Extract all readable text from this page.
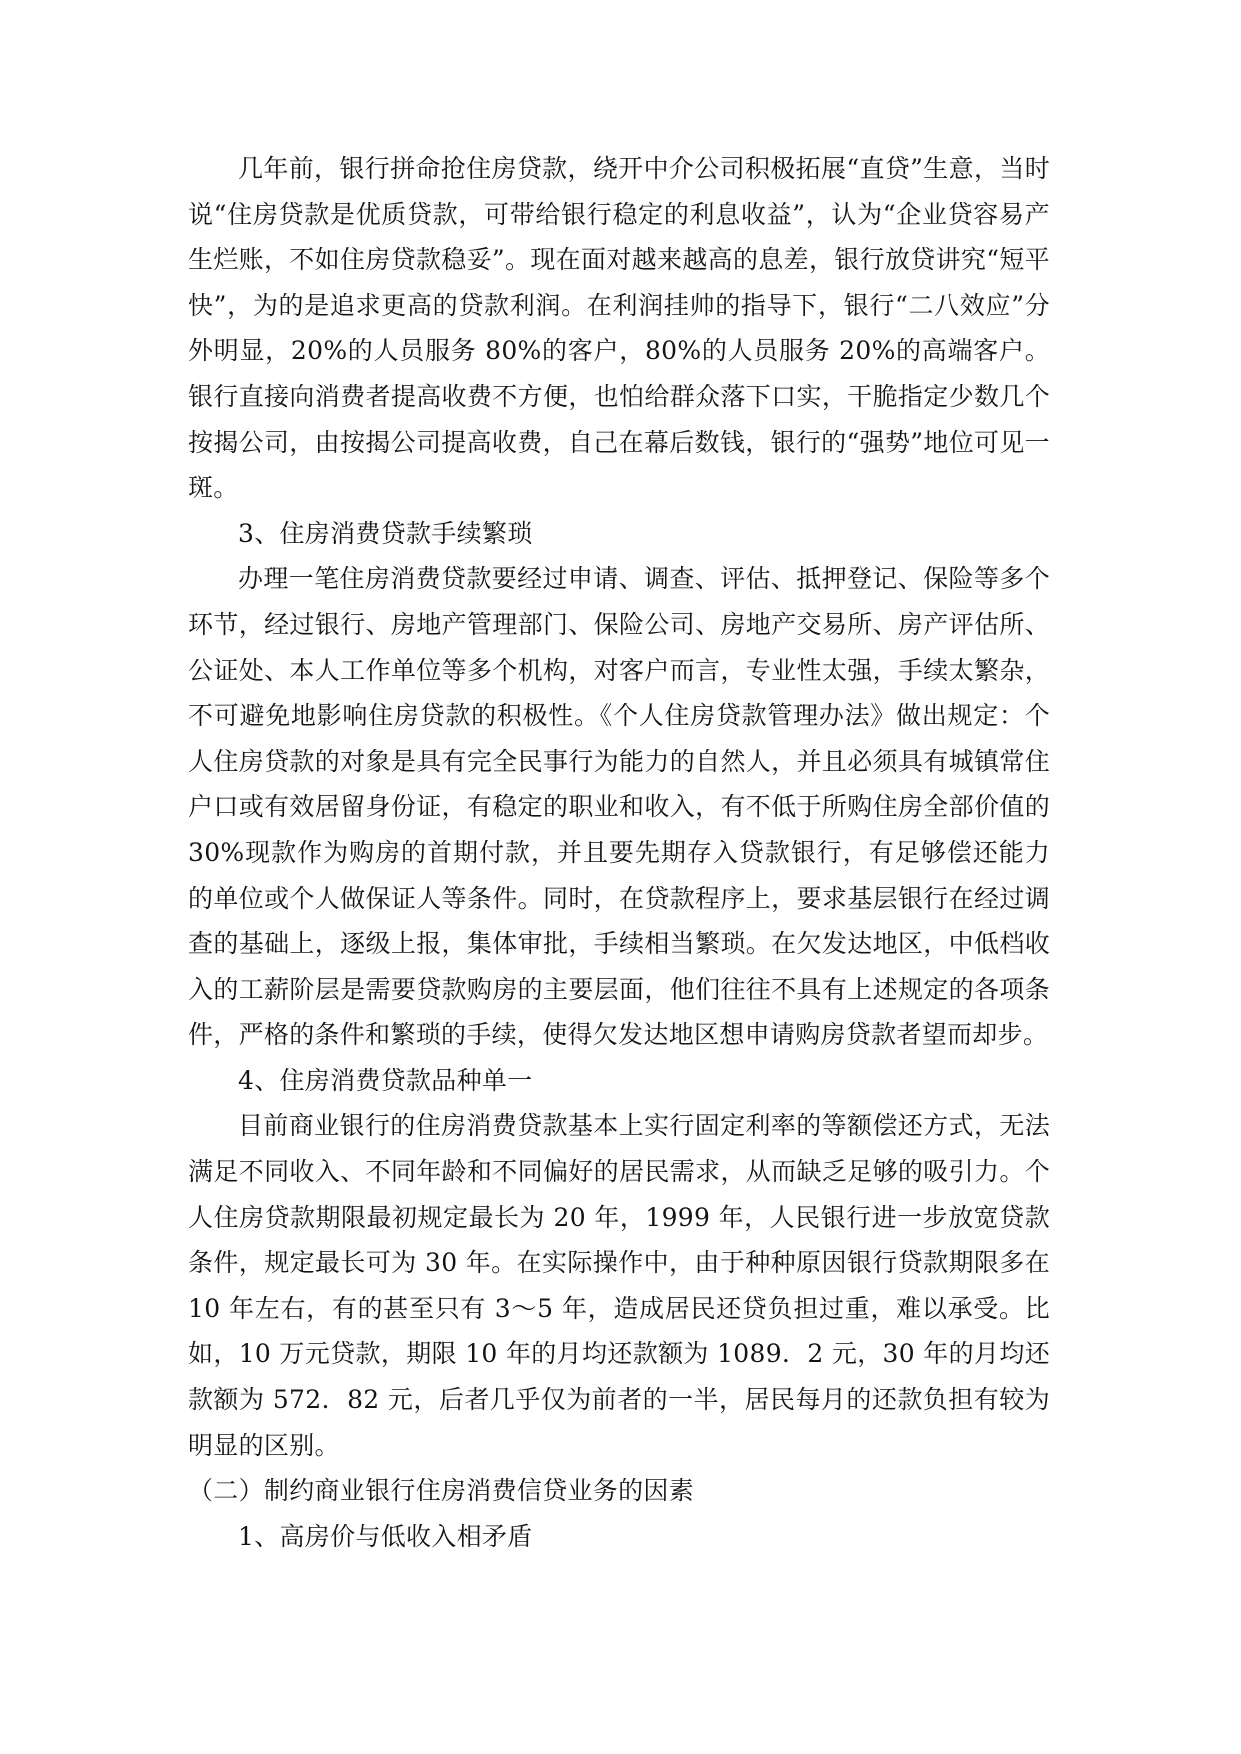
几年前，银行拼命抢住房贷款，绕开中介公司积极拓展“直贷”生意，当时说“住房贷款是优质贷款，可带给银行稳定的利息收益”，认为“企业贷容易产生烂账，不如住房贷款稳妥”。现在面对越来越高的息差，银行放贷讲究“短平快”，为的是追求更高的贷款利润。在利润挂帅的指导下，银行“二八效应”分外明显，20%的人员服务 80%的客户，80%的人员服务 20%的高端客户。银行直接向消费者提高收费不方便，也怕给群众落下口实，干脆指定少数几个按揭公司，由按揭公司提高收费，自己在幕后数钱，银行的“强势”地位可见一斑。

3、住房消费贷款手续繁琐

办理一笔住房消费贷款要经过申请、调查、评估、抵押登记、保险等多个环节，经过银行、房地产管理部门、保险公司、房地产交易所、房产评估所、公证处、本人工作单位等多个机构，对客户而言，专业性太强，手续太繁杂，不可避免地影响住房贷款的积极性。《个人住房贷款管理办法》做出规定：个人住房贷款的对象是具有完全民事行为能力的自然人，并且必须具有城镇常住户口或有效居留身份证，有稳定的职业和收入，有不低于所购住房全部价值的 30%现款作为购房的首期付款，并且要先期存入贷款银行，有足够偿还能力的单位或个人做保证人等条件。同时，在贷款程序上，要求基层银行在经过调查的基础上，逐级上报，集体审批，手续相当繁琐。在欠发达地区，中低档收入的工薪阶层是需要贷款购房的主要层面，他们往往不具有上述规定的各项条件，严格的条件和繁琐的手续，使得欠发达地区想申请购房贷款者望而却步。

4、住房消费贷款品种单一

目前商业银行的住房消费贷款基本上实行固定利率的等额偿还方式，无法满足不同收入、不同年龄和不同偏好的居民需求，从而缺乏足够的吸引力。个人住房贷款期限最初规定最长为 20 年，1999 年，人民银行进一步放宽贷款条件，规定最长可为 30 年。在实际操作中，由于种种原因银行贷款期限多在 10 年左右，有的甚至只有 3～5 年，造成居民还贷负担过重，难以承受。比如，10 万元贷款，期限 10 年的月均还款额为 1089．2 元，30 年的月均还款额为 572．82 元，后者几乎仅为前者的一半，居民每月的还款负担有较为明显的区别。

（二）制约商业银行住房消费信贷业务的因素

1、高房价与低收入相矛盾
